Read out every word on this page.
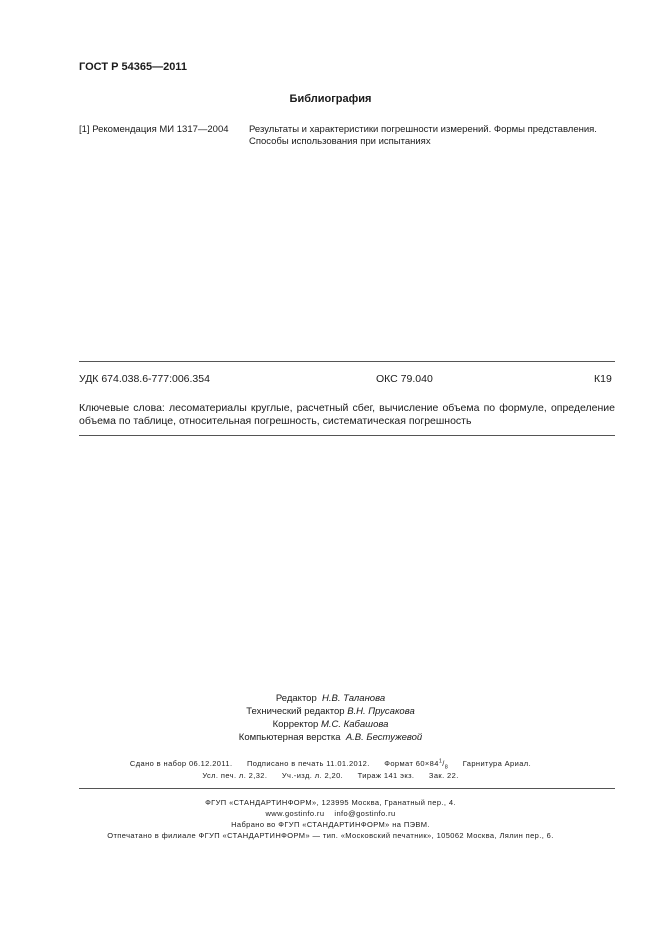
ГОСТ Р 54365—2011
Библиография
[1] Рекомендация МИ 1317—2004 Результаты и характеристики погрешности измерений. Формы представления.
Способы использования при испытаниях
УДК 674.038.6-777:006.354	ОКС 79.040	К19
Ключевые слова: лесоматериалы круглые, расчетный сбег, вычисление объема по формуле, определение объема по таблице, относительная погрешность, систематическая погрешность
Редактор Н.В. Таланова
Технический редактор В.Н. Прусакова
Корректор М.С. Кабашова
Компьютерная верстка А.В. Бестужевой
Сдано в набор 06.12.2011. Подписано в печать 11.01.2012. Формат $60\times 84^1/_8$ Гарнитура Ариал.
Усл. печ. л. 2,32. Уч.-изд. л. 2,20. Тираж 141 экз. Зак. 22.
ФГУП «СТАНДАРТИНФОРМ», 123995 Москва, Гранатный пер., 4.
www.gostinfo.ru info@gostinfo.ru
Набрано во ФГУП «СТАНДАРТИНФОРМ» на ПЭВМ.
Отпечатано в филиале ФГУП «СТАНДАРТИНФОРМ» — тип. «Московский печатник», 105062 Москва, Лялин пер., 6.
